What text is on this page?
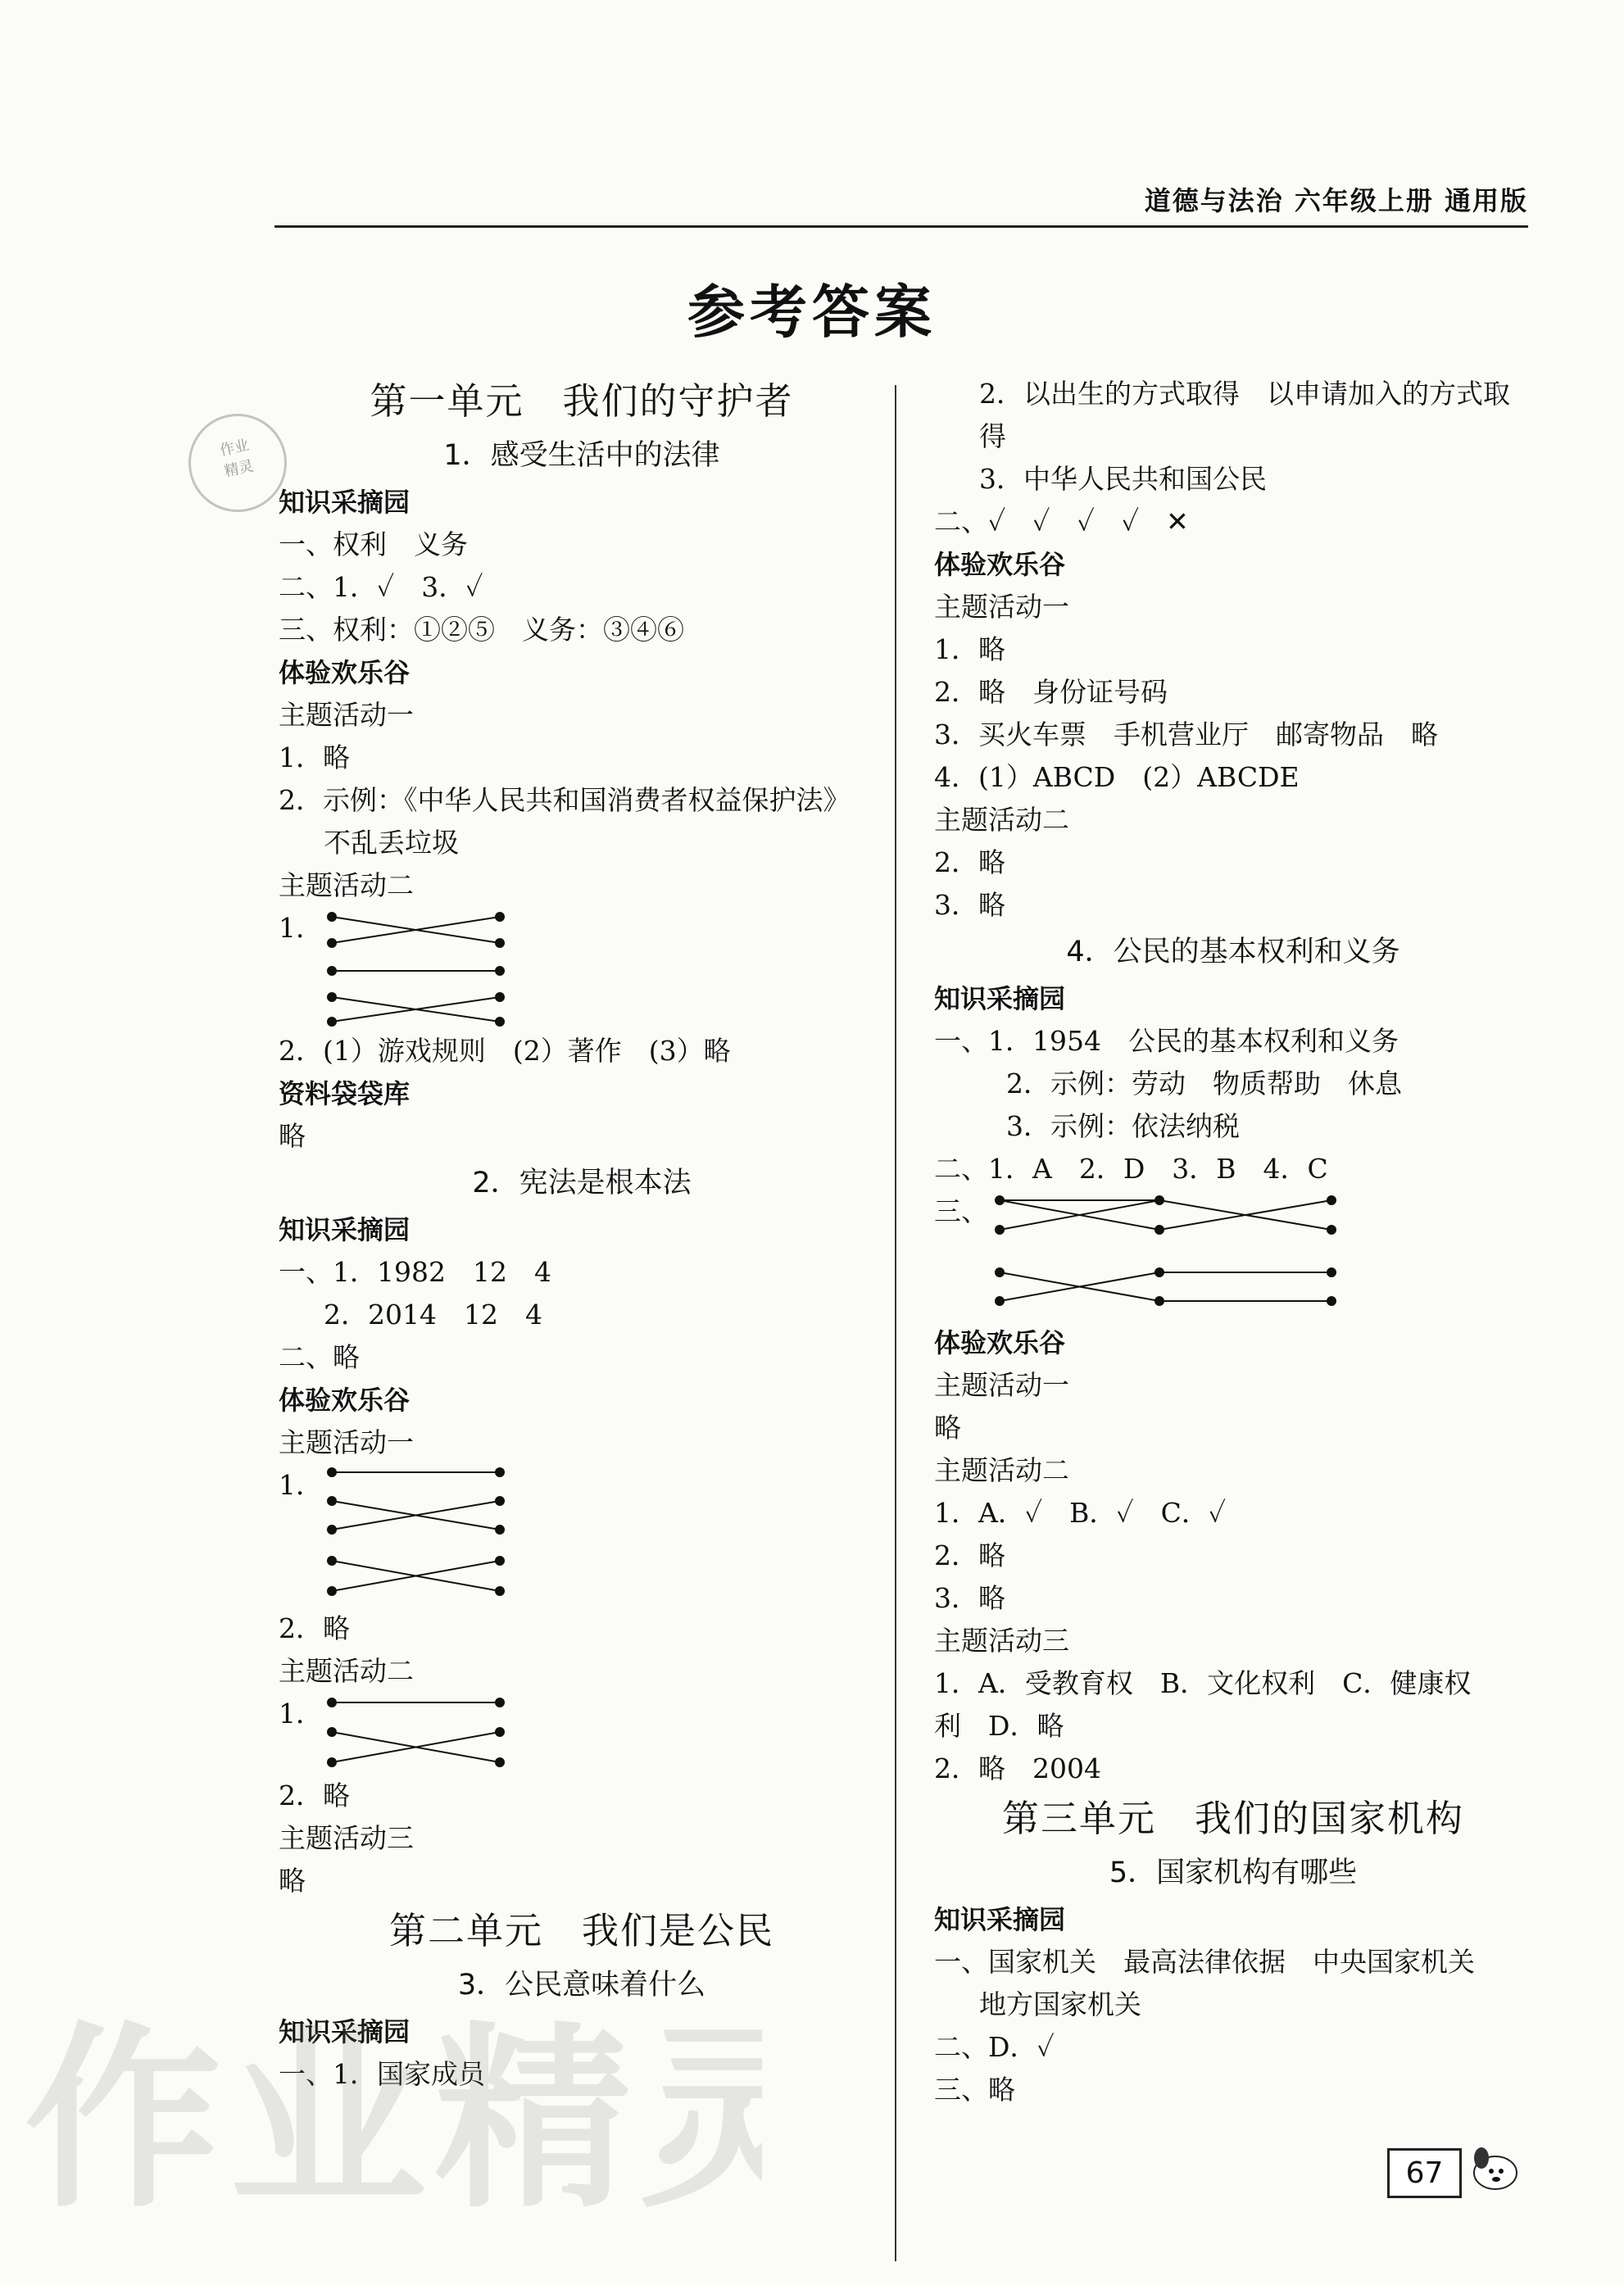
道德与法治 六年级上册 通用版
参考答案
作业
精灵
第一单元　我们的守护者
1．感受生活中的法律
知识采摘园
一、权利　义务
二、1．✓　3．✓
三、权利：①②⑤　义务：③④⑥
体验欢乐谷
主题活动一
1．略
2．示例：《中华人民共和国消费者权益保护法》
不乱丢垃圾
主题活动二
1．
2．(1）游戏规则　(2）著作　(3）略
资料袋袋库
略
2．宪法是根本法
知识采摘园
一、1．1982　12　4
2．2014　12　4
二、略
体验欢乐谷
主题活动一
1．
2．略
主题活动二
1．
2．略
主题活动三
略
第二单元　我们是公民
3．公民意味着什么
知识采摘园
一、1．国家成员
2．以出生的方式取得　以申请加入的方式取
得
3．中华人民共和国公民
二、✓　✓　✓　✓　✕
体验欢乐谷
主题活动一
1．略
2．略　身份证号码
3．买火车票　手机营业厅　邮寄物品　略
4．(1）ABCD　(2）ABCDE
主题活动二
2．略
3．略
4．公民的基本权利和义务
知识采摘园
一、1．1954　公民的基本权利和义务
2．示例：劳动　物质帮助　休息
3．示例：依法纳税
二、1．A　2．D　3．B　4．C
三、
体验欢乐谷
主题活动一
略
主题活动二
1．A．✓　B．✓　C．✓
2．略
3．略
主题活动三
1．A．受教育权　B．文化权利　C．健康权
利　D．略
2．略　2004
第三单元　我们的国家机构
5．国家机构有哪些
知识采摘园
一、国家机关　最高法律依据　中央国家机关
地方国家机关
二、D．✓
三、略
作业精灵	67
